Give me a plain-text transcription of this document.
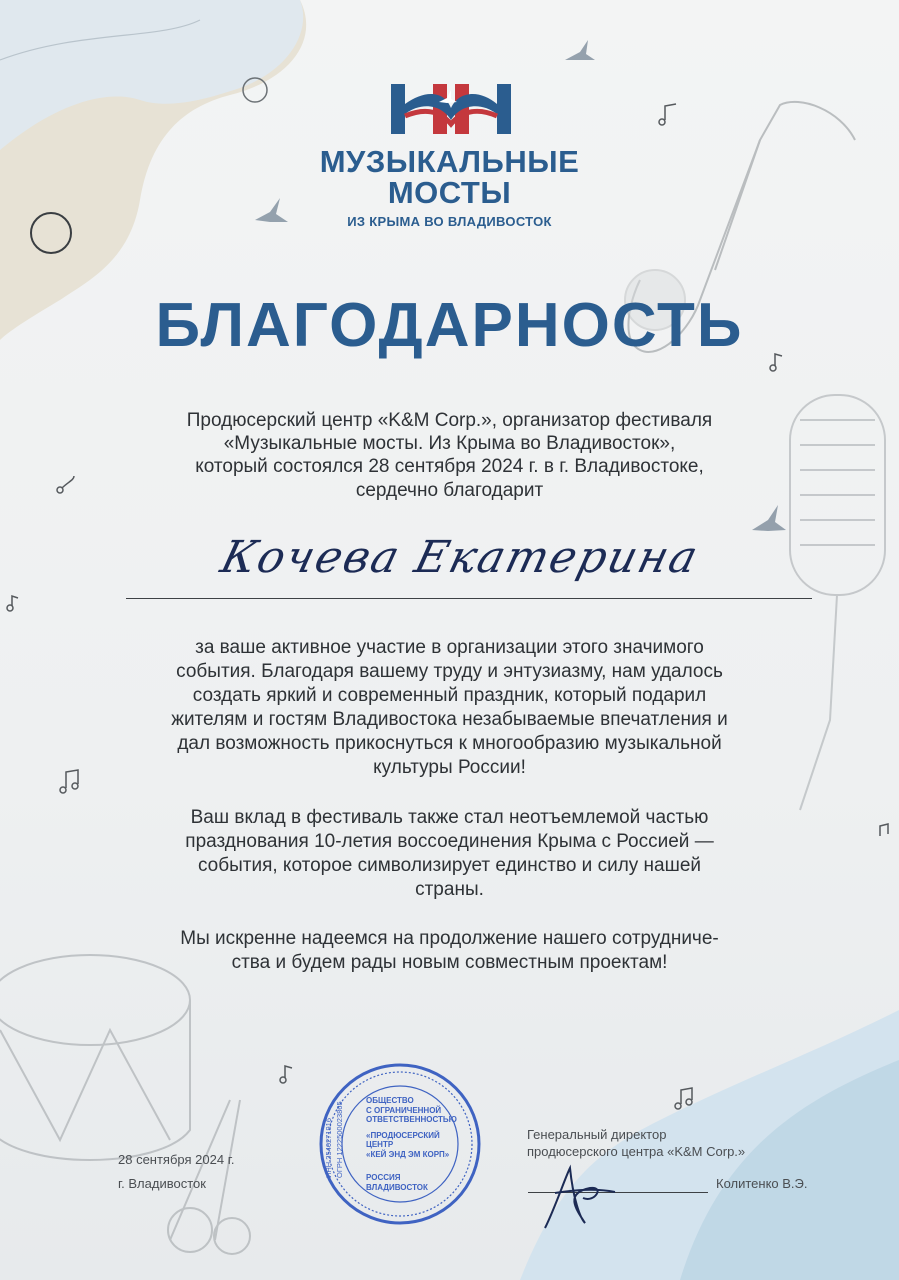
МУЗЫКАЛЬНЫЕ
МОСТЫ
ИЗ КРЫМА ВО ВЛАДИВОСТОК
БЛАГОДАРНОСТЬ
Продюсерский центр «K&M Corp.», организатор фестиваля
«Музыкальные мосты. Из Крыма во Владивосток»,
который состоялся 28 сентября 2024 г. в г. Владивостоке,
сердечно благодарит
Кочева Екатерина
за ваше активное участие в организации этого значимого
события. Благодаря вашему труду и энтузиазму, нам удалось
создать яркий и современный праздник, который подарил
жителям и гостям Владивостока незабываемые впечатления и
дал возможность прикоснуться к многообразию музыкальной
культуры России!
Ваш вклад в фестиваль также стал неотъемлемой частью
празднования 10-летия воссоединения Крыма с Россией —
события, которое символизирует единство и силу нашей
страны.
Мы искренне надеемся на продолжение нашего сотрудниче-
ства и будем рады новым совместным проектам!
28 сентября 2024 г.
г. Владивосток
ОБЩЕСТВО
С ОГРАНИЧЕННОЙ
ОТВЕТСТВЕННОСТЬЮ
«ПРОДЮСЕРСКИЙ ЦЕНТР
«КЕЙ ЭНД ЭМ КОРП»
РОССИЯ
ВЛАДИВОСТОК
ИНН 2540271916 ОГРН 1222500023865	Генеральный директор
продюсерского центра «K&M Corp.»
Колитенко В.Э.
